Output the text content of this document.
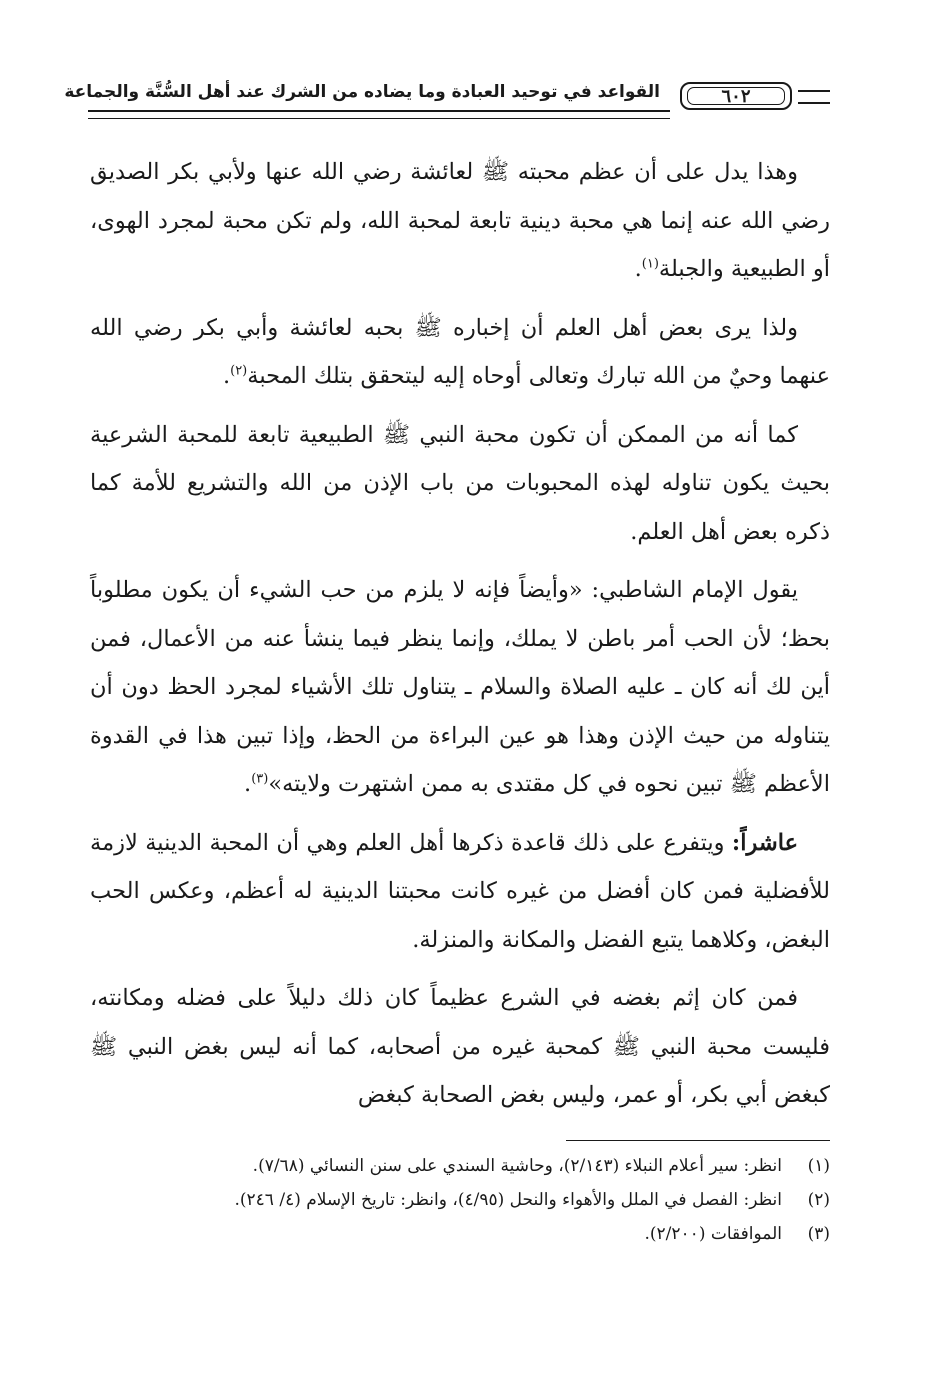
٦٠٢
القواعد في توحيد العبادة وما يضاده من الشرك عند أهل السُّنَّة والجماعة

وهذا يدل على أن عظم محبته ﷺ لعائشة رضي الله عنها ولأبي بكر الصديق رضي الله عنه إنما هي محبة دينية تابعة لمحبة الله، ولم تكن محبة لمجرد الهوى، أو الطبيعية والجبلة$^{(١)}$.

ولذا يرى بعض أهل العلم أن إخباره ﷺ بحبه لعائشة وأبي بكر رضي الله عنهما وحيٌ من الله تبارك وتعالى أوحاه إليه ليتحقق بتلك المحبة$^{(٢)}$.

كما أنه من الممكن أن تكون محبة النبي ﷺ الطبيعية تابعة للمحبة الشرعية بحيث يكون تناوله لهذه المحبوبات من باب الإذن من الله والتشريع للأمة كما ذكره بعض أهل العلم.

يقول الإمام الشاطبي: «وأيضاً فإنه لا يلزم من حب الشيء أن يكون مطلوباً بحظ؛ لأن الحب أمر باطن لا يملك، وإنما ينظر فيما ينشأ عنه من الأعمال، فمن أين لك أنه كان ـ عليه الصلاة والسلام ـ يتناول تلك الأشياء لمجرد الحظ دون أن يتناوله من حيث الإذن وهذا هو عين البراءة من الحظ، وإذا تبين هذا في القدوة الأعظم ﷺ تبين نحوه في كل مقتدى به ممن اشتهرت ولايته»$^{(٣)}$.

عاشراً: ويتفرع على ذلك قاعدة ذكرها أهل العلم وهي أن المحبة الدينية لازمة للأفضلية فمن كان أفضل من غيره كانت محبتنا الدينية له أعظم، وعكس الحب البغض، وكلاهما يتبع الفضل والمكانة والمنزلة.

فمن كان إثم بغضه في الشرع عظيماً كان ذلك دليلاً على فضله ومكانته، فليست محبة النبي ﷺ كمحبة غيره من أصحابه، كما أنه ليس بغض النبي ﷺ كبغض أبي بكر، أو عمر، وليس بغض الصحابة كبغض

(١)
انظر: سير أعلام النبلاء (٢/١٤٣)، وحاشية السندي على سنن النسائي (٧/٦٨).
(٢)
انظر: الفصل في الملل والأهواء والنحل (٤/٩٥)، وانظر: تاريخ الإسلام (٤/ ٢٤٦).
(٣)
الموافقات (٢/٢٠٠).
